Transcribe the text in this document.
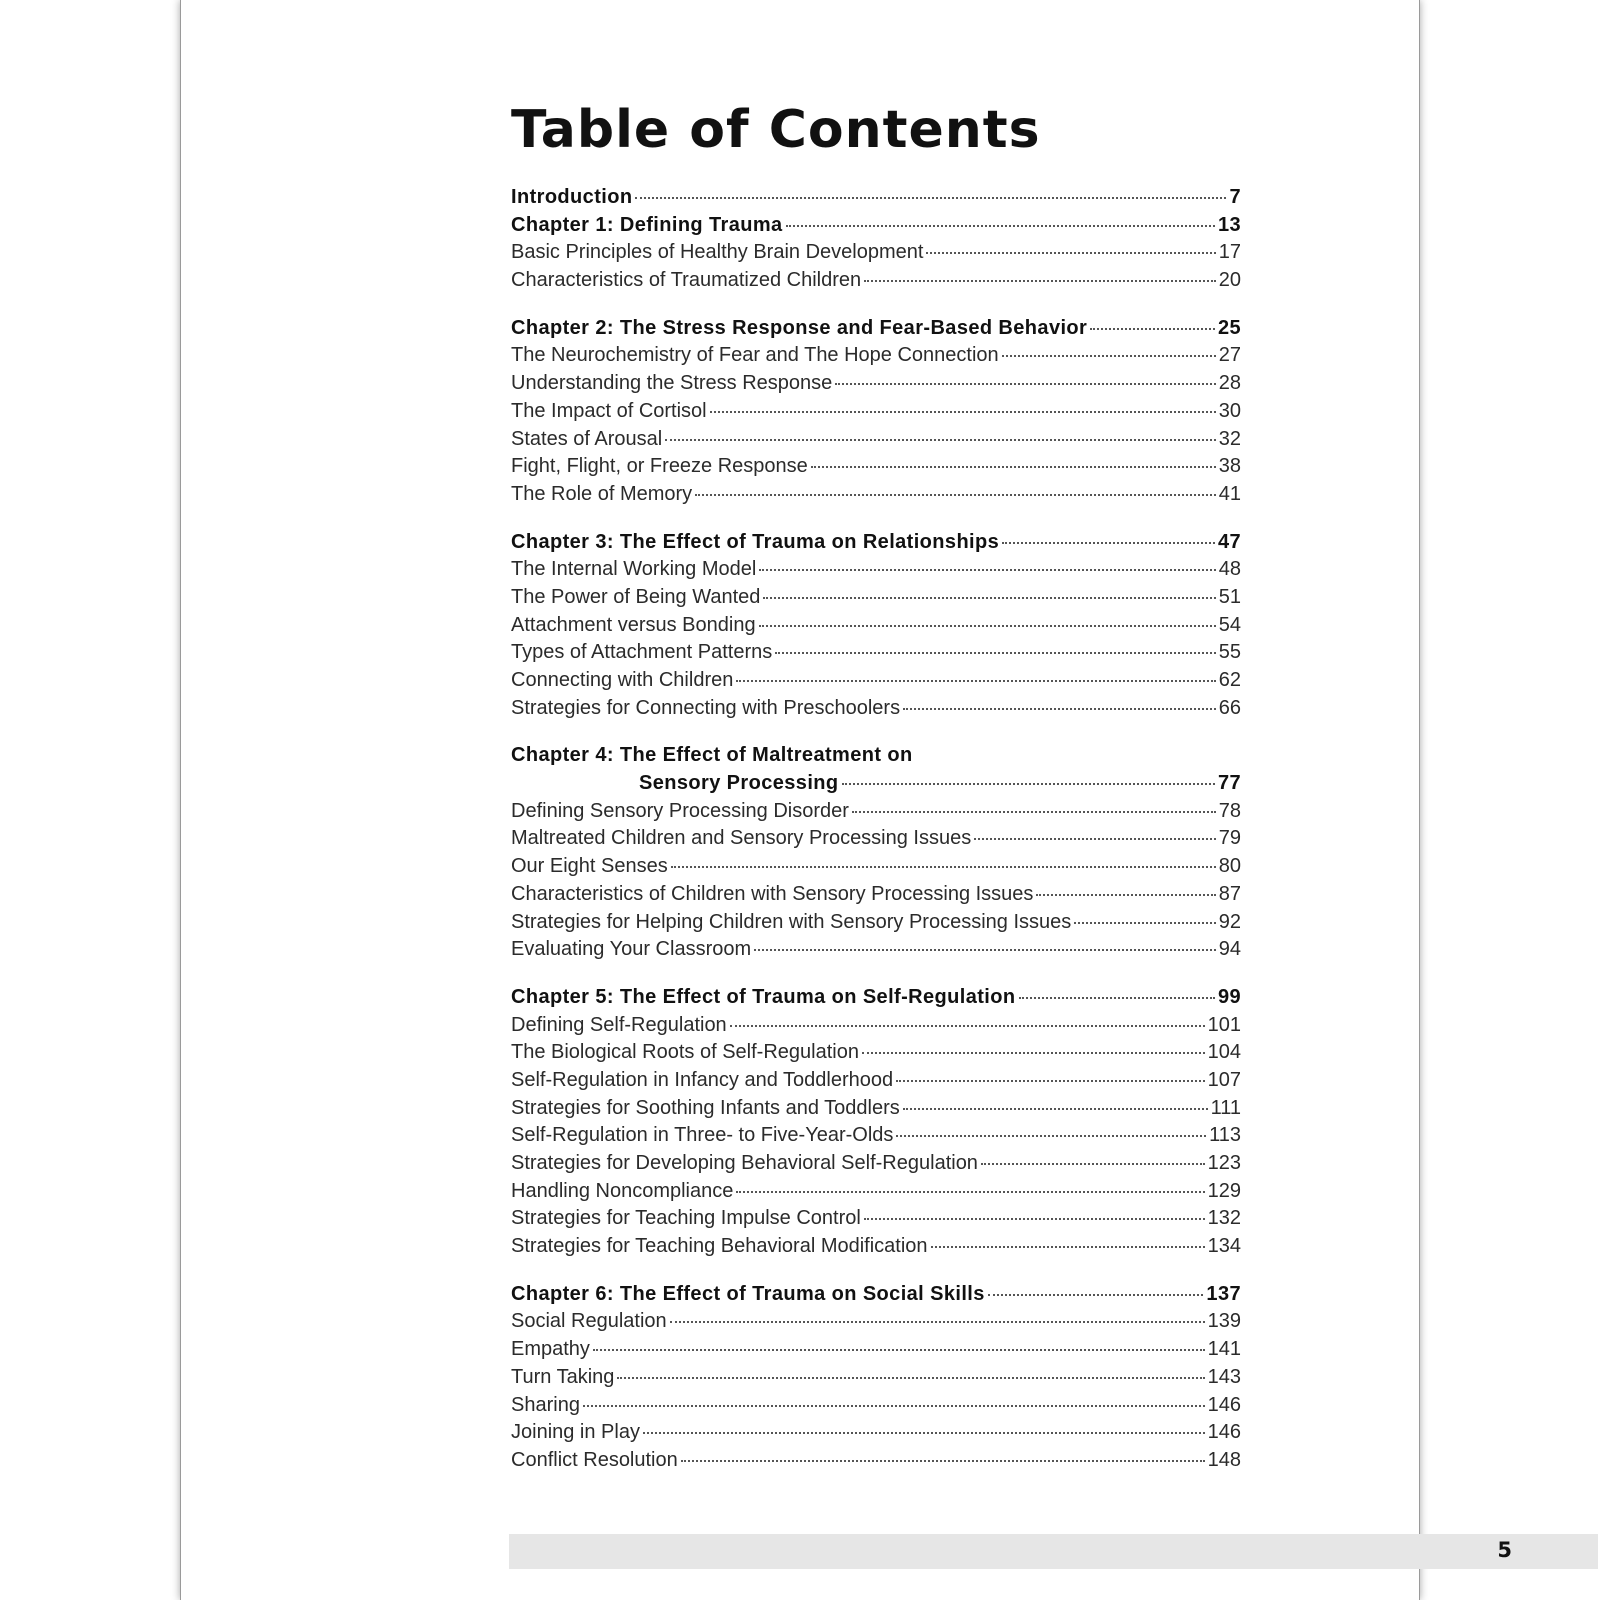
Table of Contents
Introduction	7
Chapter 1: Defining Trauma	13
Basic Principles of Healthy Brain Development	17
Characteristics of Traumatized Children	20
Chapter 2: The Stress Response and Fear-Based Behavior	25
The Neurochemistry of Fear and The Hope Connection	27
Understanding the Stress Response	28
The Impact of Cortisol	30
States of Arousal	32
Fight, Flight, or Freeze Response	38
The Role of Memory	41
Chapter 3: The Effect of Trauma on Relationships	47
The Internal Working Model	48
The Power of Being Wanted	51
Attachment versus Bonding	54
Types of Attachment Patterns	55
Connecting with Children	62
Strategies for Connecting with Preschoolers	66
Chapter 4: The Effect of Maltreatment on
Sensory Processing	77
Defining Sensory Processing Disorder	78
Maltreated Children and Sensory Processing Issues	79
Our Eight Senses	80
Characteristics of Children with Sensory Processing Issues	87
Strategies for Helping Children with Sensory Processing Issues	92
Evaluating Your Classroom	94
Chapter 5: The Effect of Trauma on Self-Regulation	99
Defining Self-Regulation	101
The Biological Roots of Self-Regulation	104
Self-Regulation in Infancy and Toddlerhood	107
Strategies for Soothing Infants and Toddlers	111
Self-Regulation in Three- to Five-Year-Olds	113
Strategies for Developing Behavioral Self-Regulation	123
Handling Noncompliance	129
Strategies for Teaching Impulse Control	132
Strategies for Teaching Behavioral Modification	134
Chapter 6: The Effect of Trauma on Social Skills	137
Social Regulation	139
Empathy	141
Turn Taking	143
Sharing	146
Joining in Play	146
Conflict Resolution	148
5
